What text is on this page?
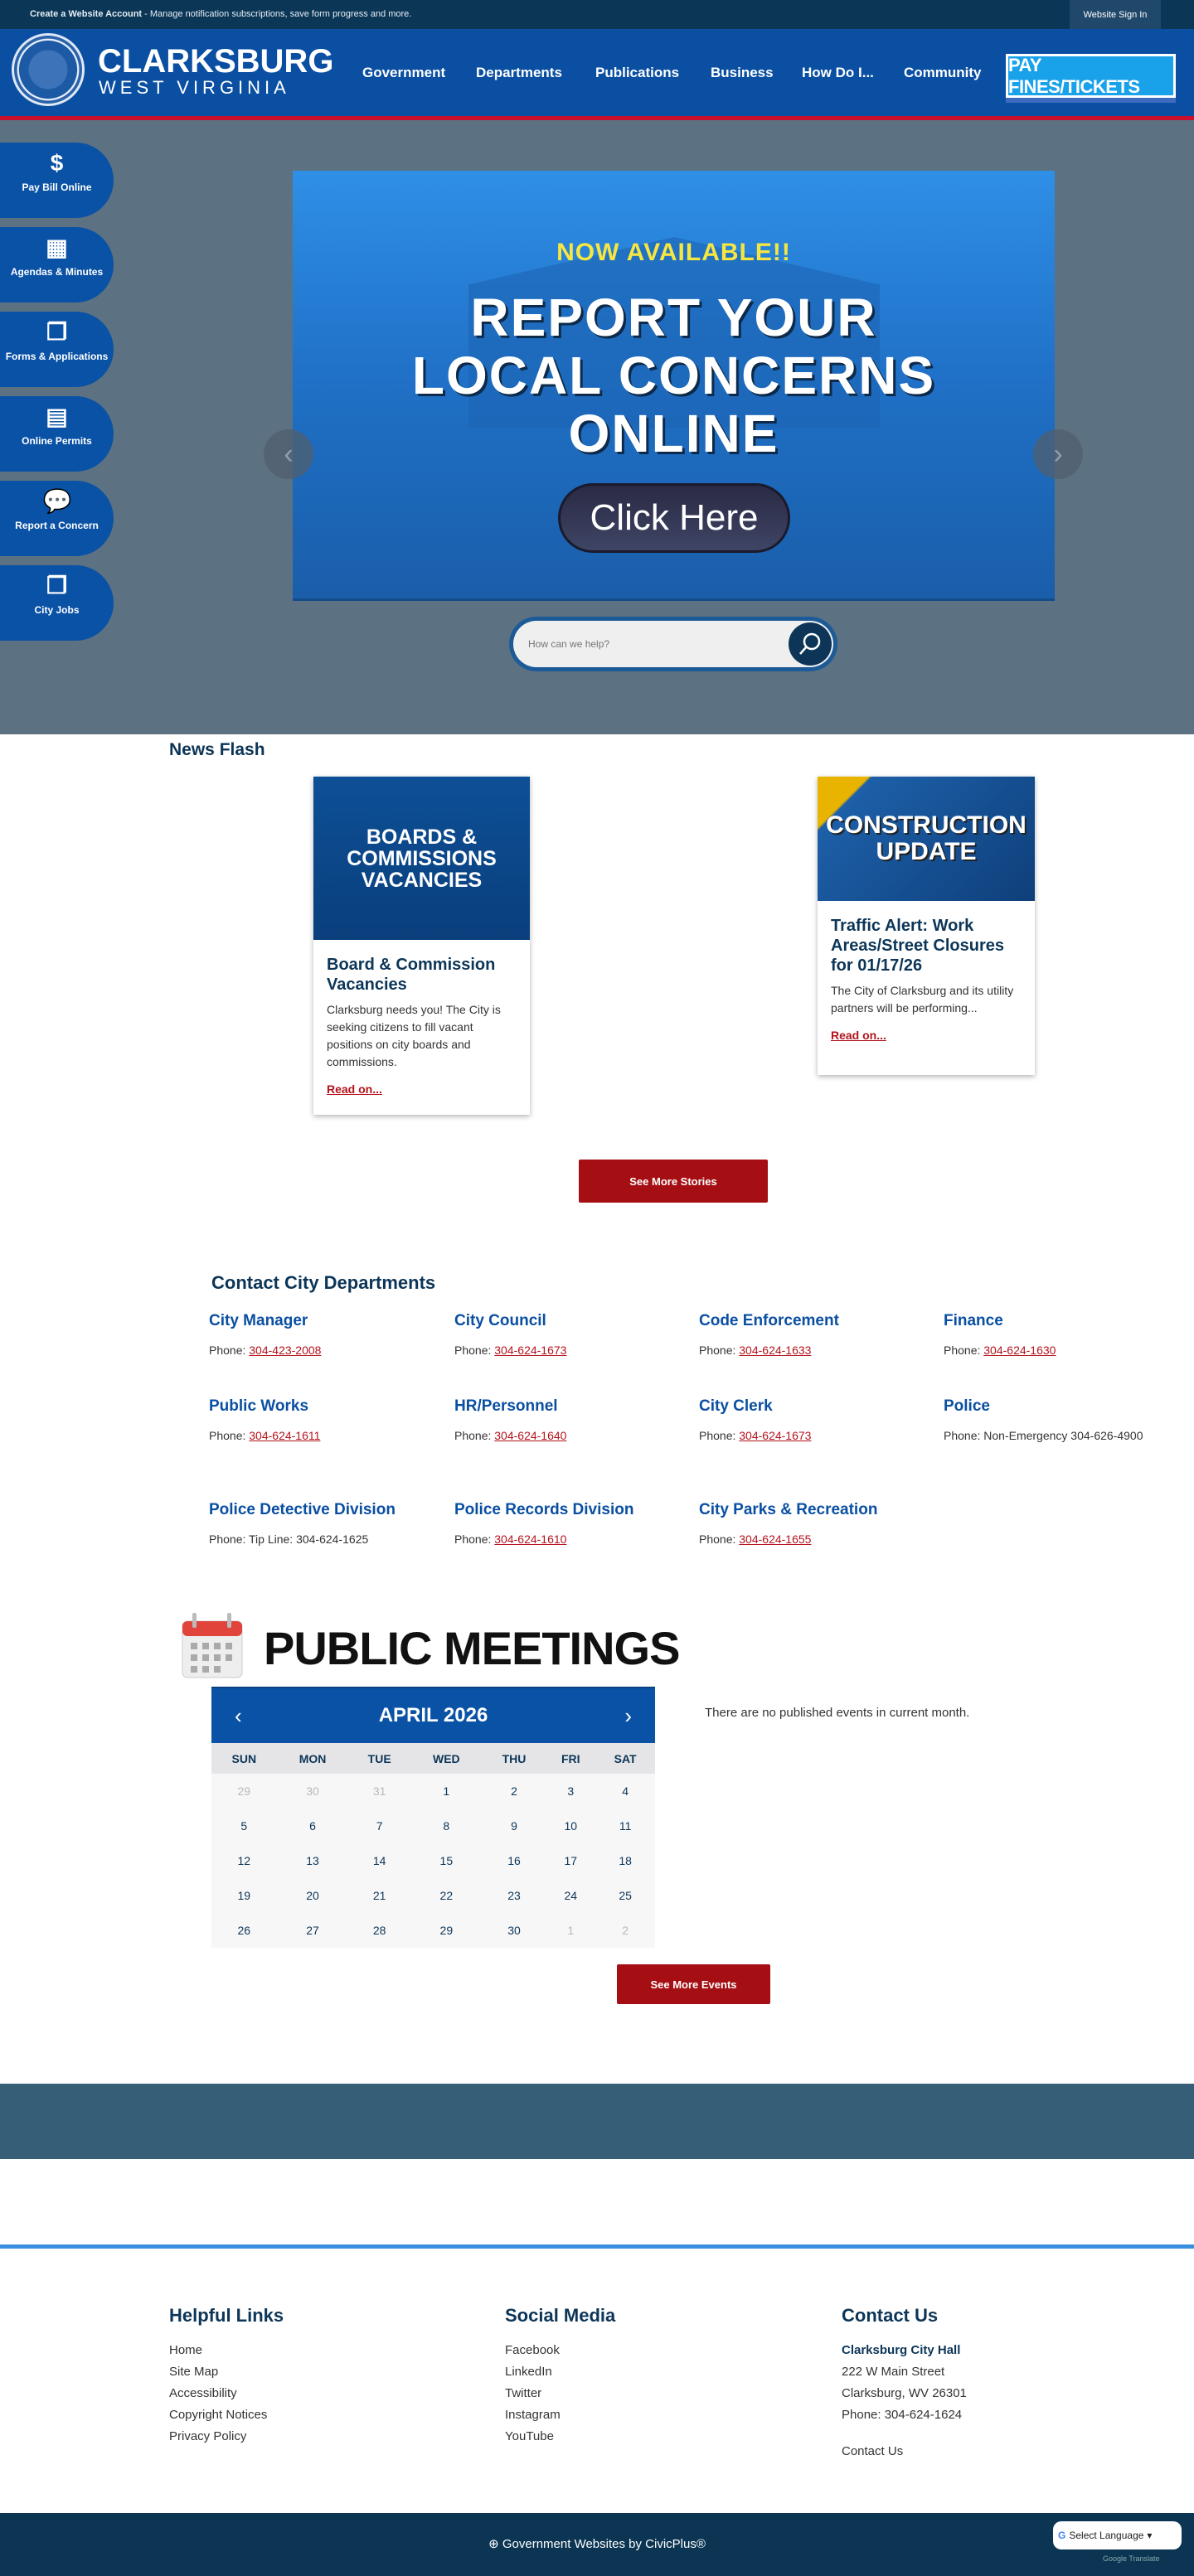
Create a Website Account - Manage notification subscriptions, save form progress and more.	Website Sign In
CLARKSBURG
WEST VIRGINIA
Government Departments Publications Business How Do I... Community PAY FINES/TICKETS
$
Pay Bill Online
▦
Agendas & Minutes
❐
Forms & Applications
▤
Online Permits
💬
Report a Concern
❐
City Jobs
NOW AVAILABLE!!
REPORT YOUR
LOCAL CONCERNS
ONLINE
Click Here
‹	›
How can we help?
News Flash
BOARDS & COMMISSIONS VACANCIES
Board & Commission Vacancies

Clarksburg needs you! The City is seeking citizens to fill vacant positions on city boards and commissions.

Read on...
CONSTRUCTION UPDATE
Traffic Alert: Work Areas/Street Closures for 01/17/26

The City of Clarksburg and its utility partners will be performing...

Read on...
See More Stories
Contact City Departments
City Manager

Phone: 304-423-2008

City Council

Phone: 304-624-1673

Code Enforcement

Phone: 304-624-1633

Finance

Phone: 304-624-1630

Public Works

Phone: 304-624-1611

HR/Personnel

Phone: 304-624-1640

City Clerk

Phone: 304-624-1673

Police

Phone: Non-Emergency 304-626-4900

Police Detective Division

Phone: Tip Line: 304-624-1625

Police Records Division

Phone: 304-624-1610

City Parks & Recreation

Phone: 304-624-1655

PUBLIC MEETINGS
‹	APRIL 2026	›
SUN	MON	TUE	WED	THU	FRI	SAT
29	30	31	1	2	3	4
5	6	7	8	9	10	11
12	13	14	15	16	17	18
19	20	21	22	23	24	25
26	27	28	29	30	1	2
There are no published events in current month.
See More Events
Helpful Links
Home
Site Map
Accessibility
Copyright Notices
Privacy Policy
Social Media
Facebook
LinkedIn
Twitter
Instagram
YouTube
Contact Us
Clarksburg City Hall
222 W Main Street
Clarksburg, WV 26301
Phone: 304-624-1624
Contact Us
⊕ Government Websites by CivicPlus®
G Select Language ▾
Google Translate
